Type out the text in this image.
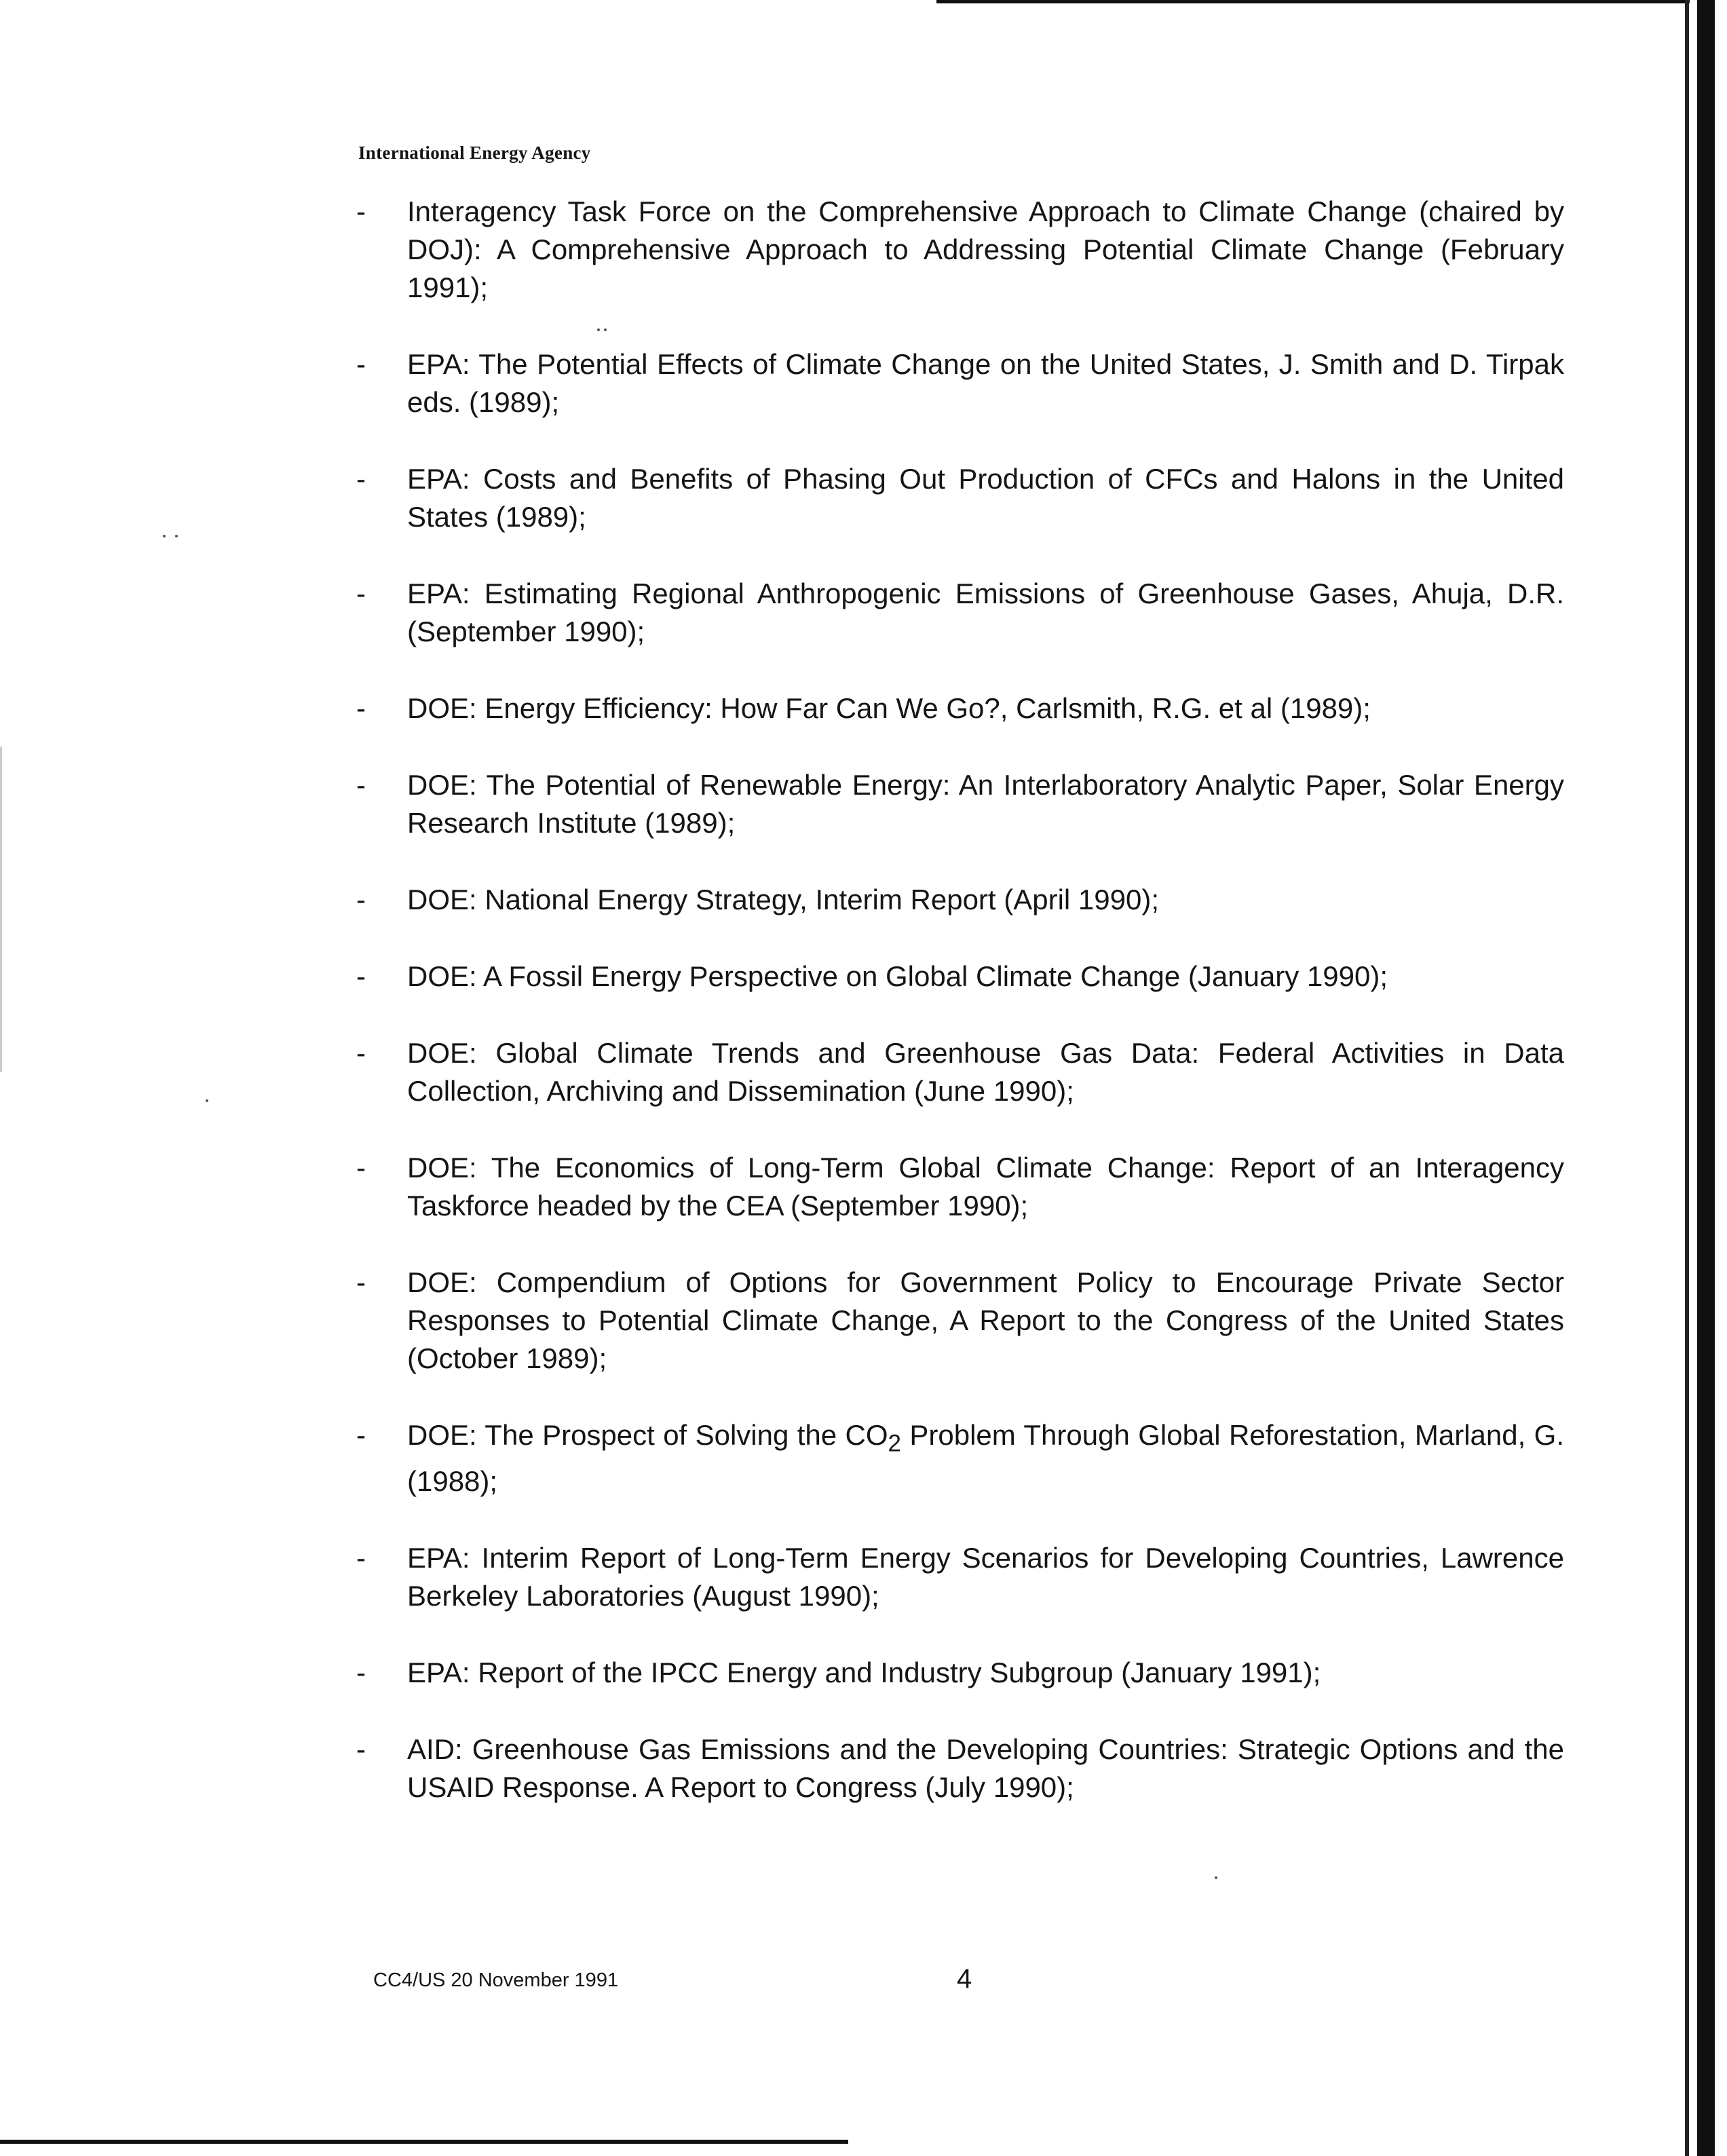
International Energy Agency
- Interagency Task Force on the Comprehensive Approach to Climate Change (chaired by DOJ): A Comprehensive Approach to Addressing Potential Climate Change (February 1991);
- EPA: The Potential Effects of Climate Change on the United States, J. Smith and D. Tirpak eds. (1989);
- EPA: Costs and Benefits of Phasing Out Production of CFCs and Halons in the United States (1989);
- EPA: Estimating Regional Anthropogenic Emissions of Greenhouse Gases, Ahuja, D.R. (September 1990);
- DOE: Energy Efficiency: How Far Can We Go?, Carlsmith, R.G. et al (1989);
- DOE: The Potential of Renewable Energy: An Interlaboratory Analytic Paper, Solar Energy Research Institute (1989);
- DOE: National Energy Strategy, Interim Report (April 1990);
- DOE: A Fossil Energy Perspective on Global Climate Change (January 1990);
- DOE: Global Climate Trends and Greenhouse Gas Data: Federal Activities in Data Collection, Archiving and Dissemination (June 1990);
- DOE: The Economics of Long-Term Global Climate Change: Report of an Interagency Taskforce headed by the CEA (September 1990);
- DOE: Compendium of Options for Government Policy to Encourage Private Sector Responses to Potential Climate Change, A Report to the Congress of the United States (October 1989);
- DOE: The Prospect of Solving the $CO_2$ Problem Through Global Reforestation, Marland, G. (1988);
- EPA: Interim Report of Long-Term Energy Scenarios for Developing Countries, Lawrence Berkeley Laboratories (August 1990);
- EPA: Report of the IPCC Energy and Industry Subgroup (January 1991);
- AID: Greenhouse Gas Emissions and the Developing Countries: Strategic Options and the USAID Response. A Report to Congress (July 1990);
CC4/US 20 November 1991	4
